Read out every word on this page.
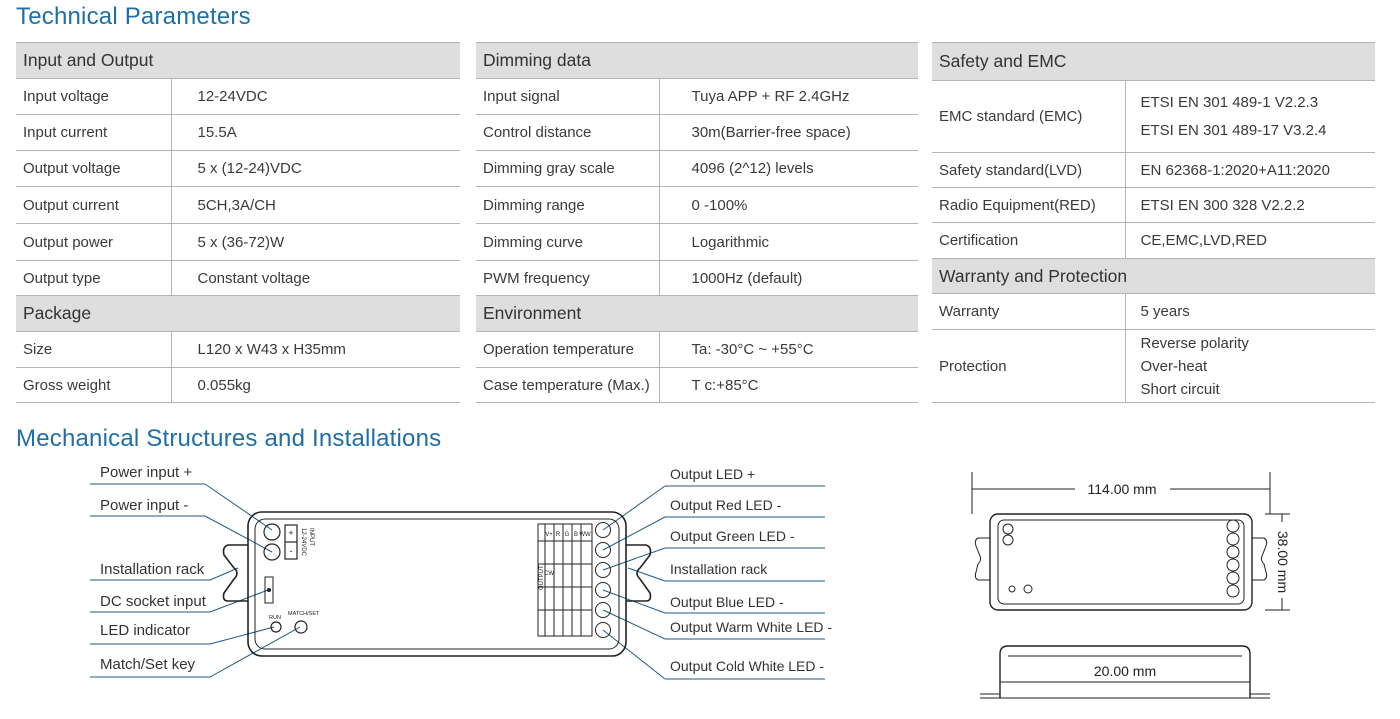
Technical Parameters
Mechanical Structures and Installations
Input and Output	
Input voltage	12-24VDC
Input current	15.5A
Output voltage	5 x (12-24)VDC
Output current	5CH,3A/CH
Output power	5 x (36-72)W
Output type	Constant voltage
Package	
Size	L120 x W43 x H35mm
Gross weight	0.055kg
Dimming data	
Input signal	Tuya APP + RF 2.4GHz
Control distance	30m(Barrier-free space)
Dimming gray scale	4096 (2^12) levels
Dimming range	0 -100%
Dimming curve	Logarithmic
PWM frequency	1000Hz (default)
Environment	
Operation temperature	Ta: -30°C ~ +55°C
Case temperature (Max.)	T c:+85°C
Safety and EMC	
EMC standard (EMC)	ETSI EN 301 489-1 V2.2.3
ETSI EN 301 489-17 V3.2.4

Safety standard(LVD)	EN 62368-1:2020+A11:2020
Radio Equipment(RED)	ETSI EN 300 328 V2.2.2
Certification	CE,EMC,LVD,RED
Warranty and Protection	
Warranty	5 years
Protection	Reverse polarity
Over-heat
Short circuit
+
-
INPUT
12-24VDC
RUN
MATCH/SET
OUTPUT
V+ R G B WW
CW
Power input +
Power input -
Installation rack
DC socket input
LED indicator
Match/Set key
Output LED +
Output Red LED -
Output Green LED -
Installation rack
Output Blue LED -
Output Warm White LED -
Output Cold White LED -
114.00 mm
38.00 mm
20.00 mm
